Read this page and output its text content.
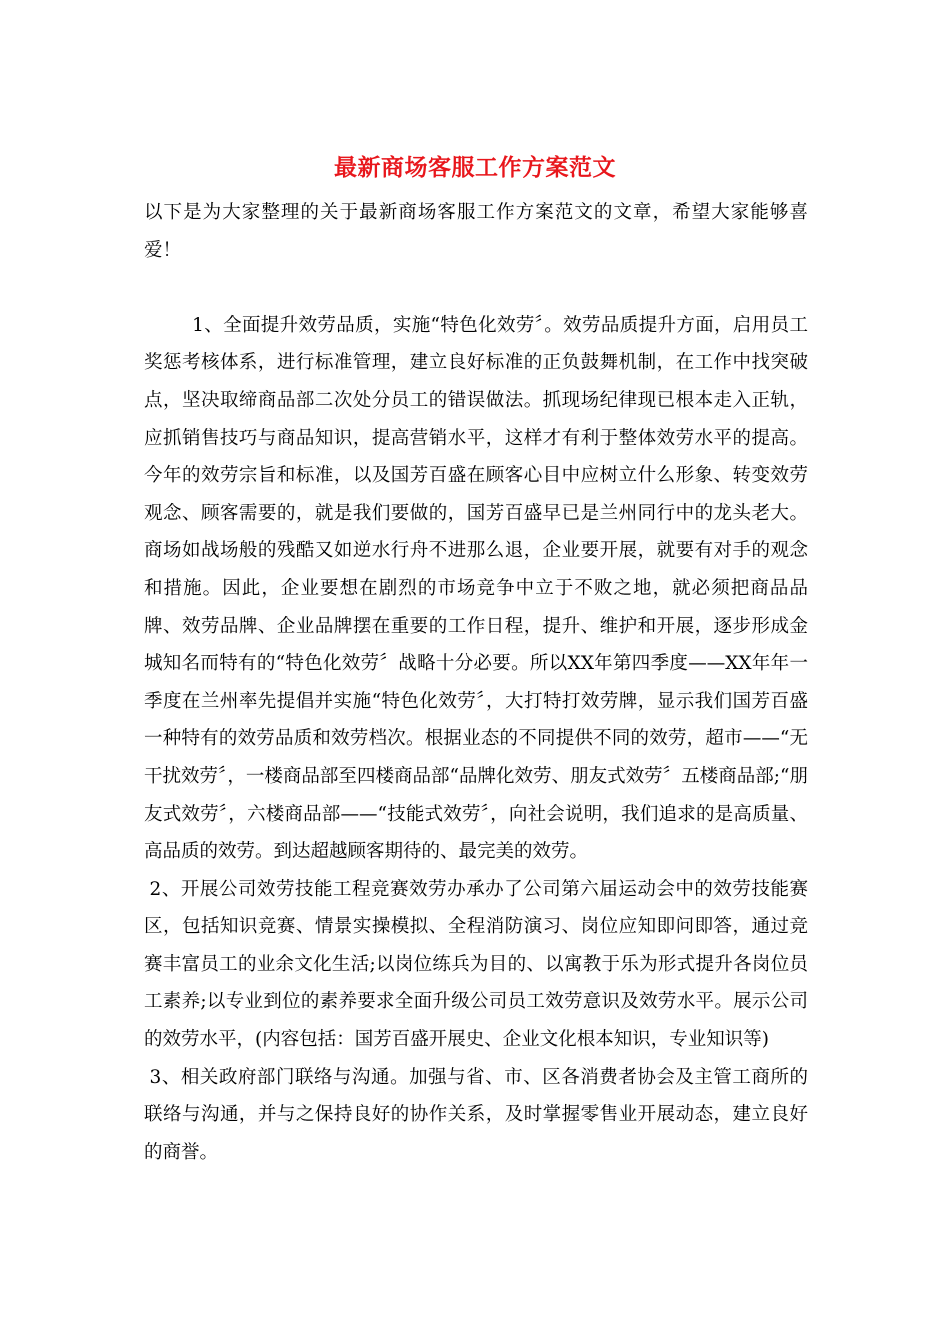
最新商场客服工作方案范文

以下是为大家整理的关于最新商场客服工作方案范文的文章，希望大家能够喜爱！

1、全面提升效劳品质，实施“特色化效劳〞。效劳品质提升方面，启用员工奖惩考核体系，进行标准管理，建立良好标准的正负鼓舞机制，在工作中找突破点，坚决取缔商品部二次处分员工的错误做法。抓现场纪律现已根本走入正轨，应抓销售技巧与商品知识，提高营销水平，这样才有利于整体效劳水平的提高。今年的效劳宗旨和标准，以及国芳百盛在顾客心目中应树立什么形象、转变效劳观念、顾客需要的，就是我们要做的，国芳百盛早已是兰州同行中的龙头老大。商场如战场般的残酷又如逆水行舟不进那么退，企业要开展，就要有对手的观念和措施。因此，企业要想在剧烈的市场竞争中立于不败之地，就必须把商品品牌、效劳品牌、企业品牌摆在重要的工作日程，提升、维护和开展，逐步形成金城知名而特有的“特色化效劳〞战略十分必要。所以XX年第四季度——XX年年一季度在兰州率先提倡并实施“特色化效劳〞，大打特打效劳牌，显示我们国芳百盛一种特有的效劳品质和效劳档次。根据业态的不同提供不同的效劳，超市——“无干扰效劳〞，一楼商品部至四楼商品部“品牌化效劳、朋友式效劳〞五楼商品部;“朋友式效劳〞，六楼商品部——“技能式效劳〞，向社会说明，我们追求的是高质量、高品质的效劳。到达超越顾客期待的、最完美的效劳。

2、开展公司效劳技能工程竞赛效劳办承办了公司第六届运动会中的效劳技能赛区，包括知识竞赛、情景实操模拟、全程消防演习、岗位应知即问即答，通过竞赛丰富员工的业余文化生活;以岗位练兵为目的、以寓教于乐为形式提升各岗位员工素养;以专业到位的素养要求全面升级公司员工效劳意识及效劳水平。展示公司的效劳水平，(内容包括：国芳百盛开展史、企业文化根本知识，专业知识等)

3、相关政府部门联络与沟通。加强与省、市、区各消费者协会及主管工商所的联络与沟通，并与之保持良好的协作关系，及时掌握零售业开展动态，建立良好的商誉。
